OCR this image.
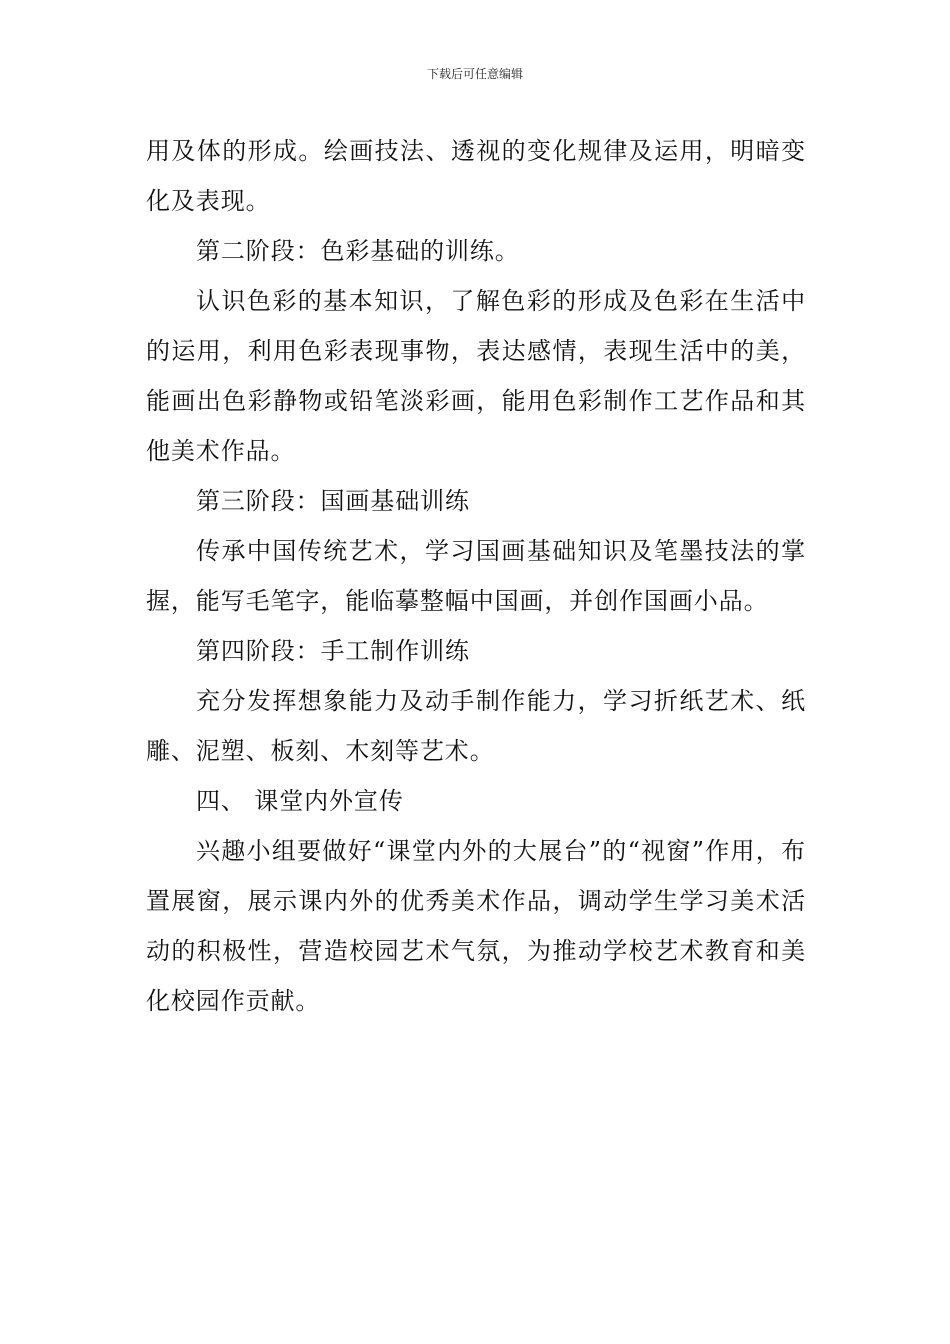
下载后可任意编辑

用及体的形成。绘画技法、透视的变化规律及运用，明暗变化及表现。

第二阶段：色彩基础的训练。

认识色彩的基本知识，了解色彩的形成及色彩在生活中的运用，利用色彩表现事物，表达感情，表现生活中的美，能画出色彩静物或铅笔淡彩画，能用色彩制作工艺作品和其他美术作品。

第三阶段：国画基础训练

传承中国传统艺术，学习国画基础知识及笔墨技法的掌握，能写毛笔字，能临摹整幅中国画，并创作国画小品。

第四阶段：手工制作训练

充分发挥想象能力及动手制作能力，学习折纸艺术、纸雕、泥塑、板刻、木刻等艺术。

四、 课堂内外宣传

兴趣小组要做好“课堂内外的大展台”的“视窗”作用，布置展窗，展示课内外的优秀美术作品，调动学生学习美术活动的积极性，营造校园艺术气氛，为推动学校艺术教育和美化校园作贡献。
